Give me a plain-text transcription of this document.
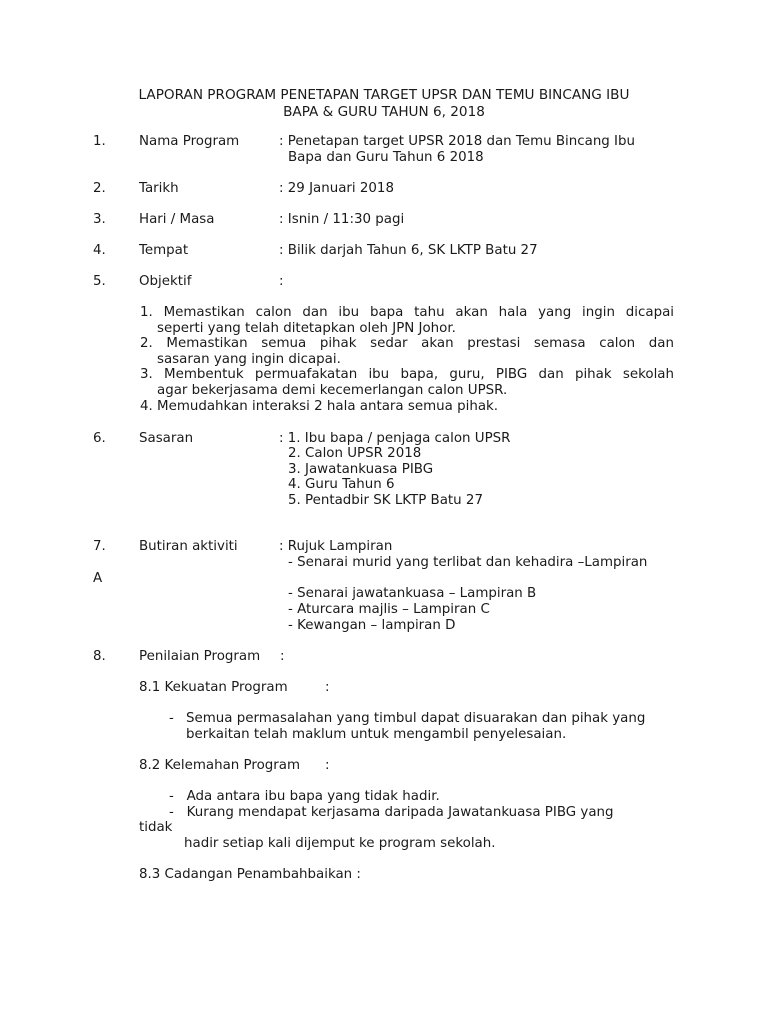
LAPORAN PROGRAM PENETAPAN TARGET UPSR DAN TEMU BINCANG IBU
BAPA & GURU TAHUN 6, 2018
1. Nama Program	: Penetapan target UPSR 2018 dan Temu Bincang Ibu
Bapa dan Guru Tahun 6 2018
2. Tarikh	: 29 Januari 2018
3. Hari / Masa	: Isnin / 11:30 pagi
4. Tempat	: Bilik darjah Tahun 6, SK LKTP Batu 27
5. Objektif	:
1. Memastikan calon dan ibu bapa tahu akan hala yang ingin dicapai
seperti yang telah ditetapkan oleh JPN Johor.
2. Memastikan semua pihak sedar akan prestasi semasa calon dan
sasaran yang ingin dicapai.
3. Membentuk permuafakatan ibu bapa, guru, PIBG dan pihak sekolah
agar bekerjasama demi kecemerlangan calon UPSR.
4. Memudahkan interaksi 2 hala antara semua pihak.
6. Sasaran	: 1. Ibu bapa / penjaga calon UPSR
2. Calon UPSR 2018
3. Jawatankuasa PIBG
4. Guru Tahun 6
5. Pentadbir SK LKTP Batu 27
7. Butiran aktiviti	: Rujuk Lampiran
- Senarai murid yang terlibat dan kehadira –Lampiran
A
- Senarai jawatankuasa – Lampiran B
- Aturcara majlis – Lampiran C
- Kewangan – lampiran D
8. Penilaian Program :
8.1 Kekuatan Program	:
- Semua permasalahan yang timbul dapat disuarakan dan pihak yang
berkaitan telah maklum untuk mengambil penyelesaian.
8.2 Kelemahan Program :
-   Ada antara ibu bapa yang tidak hadir.
-   Kurang mendapat kerjasama daripada Jawatankuasa PIBG yang
tidak
hadir setiap kali dijemput ke program sekolah.
8.3 Cadangan Penambahbaikan :
